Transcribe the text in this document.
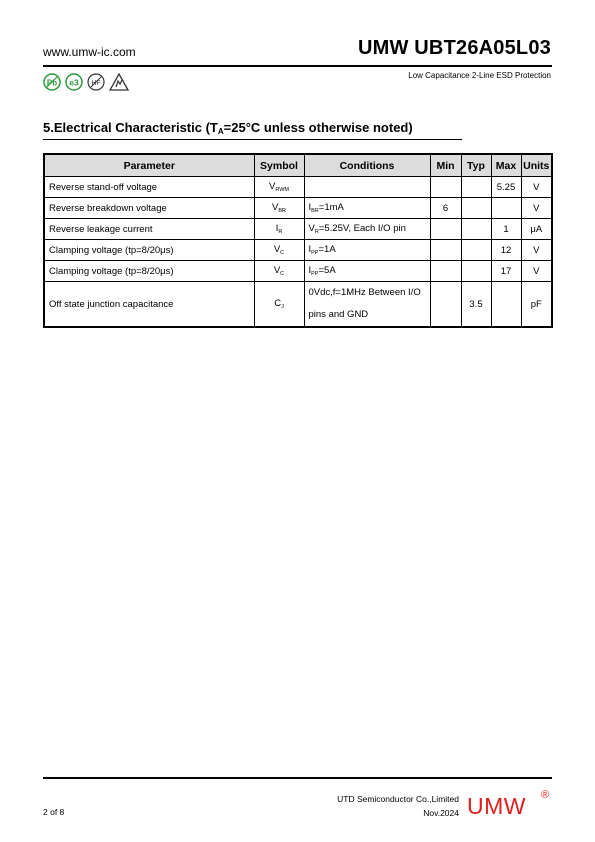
www.umw-ic.com	UMW UBT26A05L03
Pb e3 HF
Low Capacitance 2-Line ESD Protection
5.Electrical Characteristic ($T_A=25^\circ C$ unless otherwise noted)
Parameter	Symbol	Conditions	Min	Typ	Max	Units
Reverse stand-off voltage	$V_{RWM}$				5.25	V
Reverse breakdown voltage	$V_{BR}$	$I_{BR}=1mA$	6			V
Reverse leakage current	$I_R$	$V_R=5.25V$, Each I/O pin			1	μA
Clamping voltage (tp=8/20μs)	$V_C$	$I_{PP}=1A$			12	V
Clamping voltage (tp=8/20μs)	$V_C$	$I_{PP}=5A$			17	V
Off state junction capacitance	$C_J$	0Vdc,f=1MHz Between I/O pins and GND		3.5		pF
2 of 8
UTD Semiconductor Co.,Limited
Nov.2024 UMW ®
